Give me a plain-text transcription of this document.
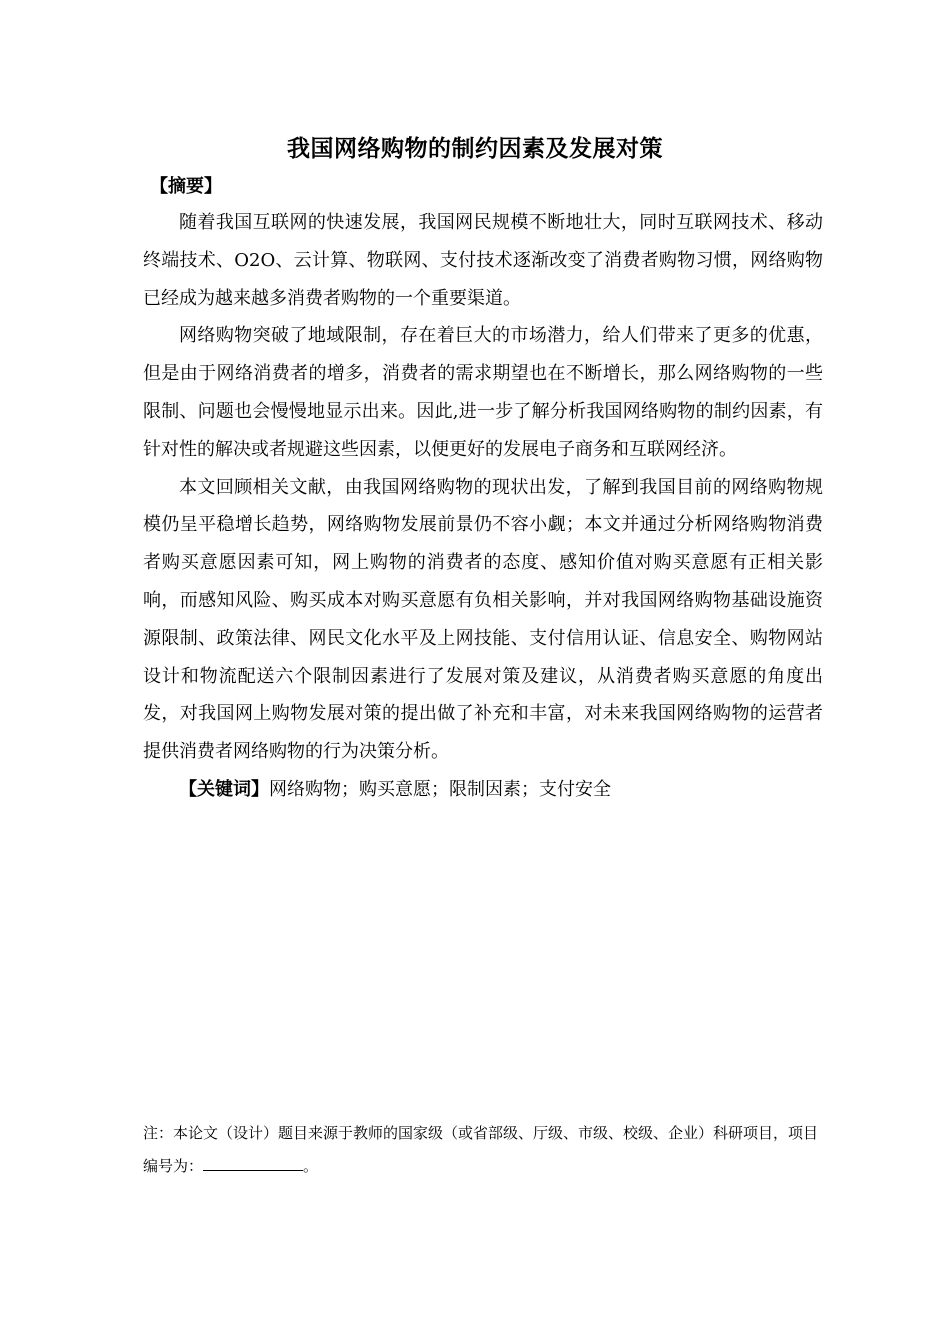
我国网络购物的制约因素及发展对策
【摘要】

随着我国互联网的快速发展，我国网民规模不断地壮大，同时互联网技术、移动终端技术、O2O、云计算、物联网、支付技术逐渐改变了消费者购物习惯，网络购物已经成为越来越多消费者购物的一个重要渠道。

网络购物突破了地域限制，存在着巨大的市场潜力，给人们带来了更多的优惠，但是由于网络消费者的增多，消费者的需求期望也在不断增长，那么网络购物的一些限制、问题也会慢慢地显示出来。因此,进一步了解分析我国网络购物的制约因素，有针对性的解决或者规避这些因素，以便更好的发展电子商务和互联网经济。

本文回顾相关文献，由我国网络购物的现状出发，了解到我国目前的网络购物规模仍呈平稳增长趋势，网络购物发展前景仍不容小觑；本文并通过分析网络购物消费者购买意愿因素可知，网上购物的消费者的态度、感知价值对购买意愿有正相关影响，而感知风险、购买成本对购买意愿有负相关影响，并对我国网络购物基础设施资源限制、政策法律、网民文化水平及上网技能、支付信用认证、信息安全、购物网站设计和物流配送六个限制因素进行了发展对策及建议，从消费者购买意愿的角度出发，对我国网上购物发展对策的提出做了补充和丰富，对未来我国网络购物的运营者提供消费者网络购物的行为决策分析。

【关键词】网络购物；购买意愿；限制因素；支付安全

注：本论文（设计）题目来源于教师的国家级（或省部级、厅级、市级、校级、企业）科研项目，项目编号为：	。
